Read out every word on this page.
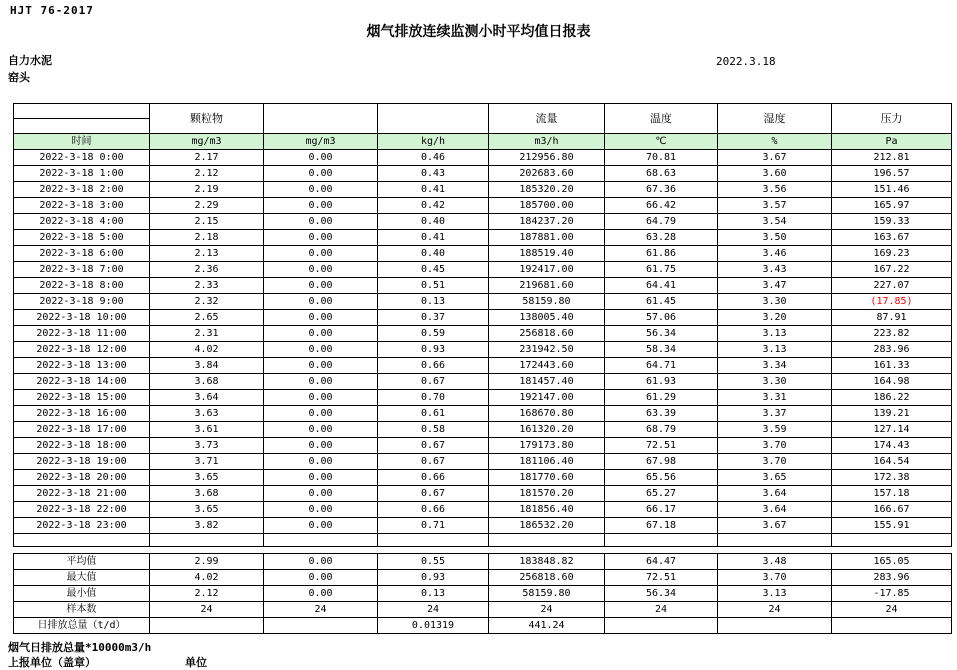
HJT 76-2017
烟气排放连续监测小时平均值日报表
自力水泥
窑头
2022.3.18
	颗粒物			流量	温度	湿度	压力

时间	mg/m3	mg/m3	kg/h	m3/h	℃	%	Pa
2022-3-18 0:00	2.17	0.00	0.46	212956.80	70.81	3.67	212.81
2022-3-18 1:00	2.12	0.00	0.43	202683.60	68.63	3.60	196.57
2022-3-18 2:00	2.19	0.00	0.41	185320.20	67.36	3.56	151.46
2022-3-18 3:00	2.29	0.00	0.42	185700.00	66.42	3.57	165.97
2022-3-18 4:00	2.15	0.00	0.40	184237.20	64.79	3.54	159.33
2022-3-18 5:00	2.18	0.00	0.41	187881.00	63.28	3.50	163.67
2022-3-18 6:00	2.13	0.00	0.40	188519.40	61.86	3.46	169.23
2022-3-18 7:00	2.36	0.00	0.45	192417.00	61.75	3.43	167.22
2022-3-18 8:00	2.33	0.00	0.51	219681.60	64.41	3.47	227.07
2022-3-18 9:00	2.32	0.00	0.13	58159.80	61.45	3.30	(17.85)
2022-3-18 10:00	2.65	0.00	0.37	138005.40	57.06	3.20	87.91
2022-3-18 11:00	2.31	0.00	0.59	256818.60	56.34	3.13	223.82
2022-3-18 12:00	4.02	0.00	0.93	231942.50	58.34	3.13	283.96
2022-3-18 13:00	3.84	0.00	0.66	172443.60	64.71	3.34	161.33
2022-3-18 14:00	3.68	0.00	0.67	181457.40	61.93	3.30	164.98
2022-3-18 15:00	3.64	0.00	0.70	192147.00	61.29	3.31	186.22
2022-3-18 16:00	3.63	0.00	0.61	168670.80	63.39	3.37	139.21
2022-3-18 17:00	3.61	0.00	0.58	161320.20	68.79	3.59	127.14
2022-3-18 18:00	3.73	0.00	0.67	179173.80	72.51	3.70	174.43
2022-3-18 19:00	3.71	0.00	0.67	181106.40	67.98	3.70	164.54
2022-3-18 20:00	3.65	0.00	0.66	181770.60	65.56	3.65	172.38
2022-3-18 21:00	3.68	0.00	0.67	181570.20	65.27	3.64	157.18
2022-3-18 22:00	3.65	0.00	0.66	181856.40	66.17	3.64	166.67
2022-3-18 23:00	3.82	0.00	0.71	186532.20	67.18	3.67	155.91

平均值	2.99	0.00	0.55	183848.82	64.47	3.48	165.05
最大值	4.02	0.00	0.93	256818.60	72.51	3.70	283.96
最小值	2.12	0.00	0.13	58159.80	56.34	3.13	-17.85
样本数	24	24	24	24	24	24	24
日排放总量（t/d）			0.01319	441.24			
烟气日排放总量*10000m3/h
上报单位（盖章）	单位
